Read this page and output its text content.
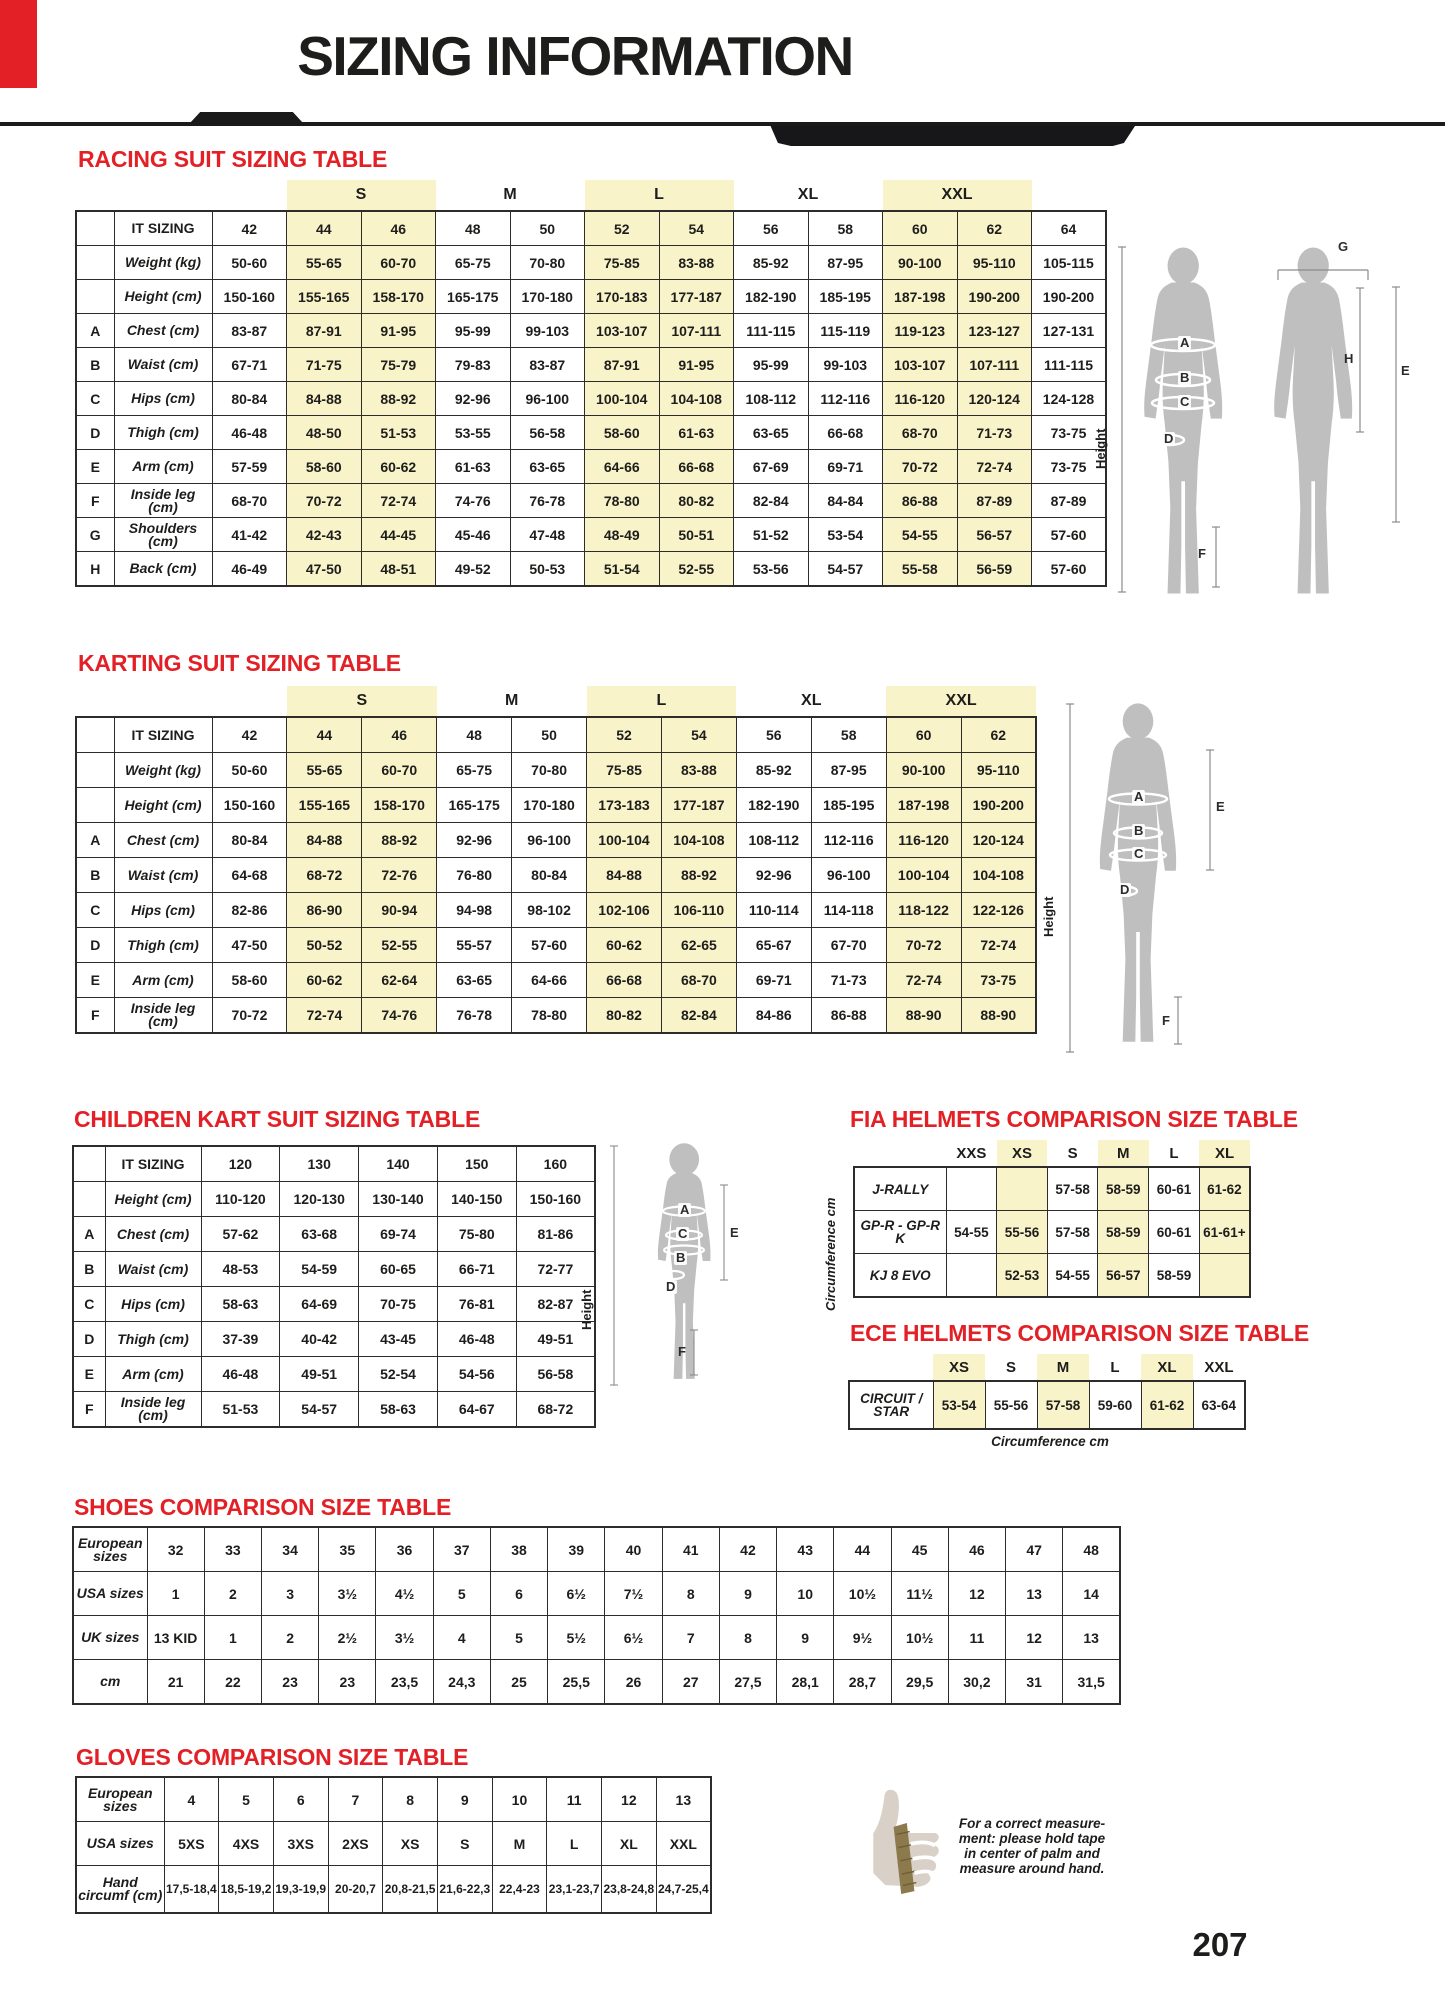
SIZING INFORMATION
RACING SUIT SIZING TABLE
KARTING SUIT SIZING TABLE
CHILDREN KART SUIT SIZING TABLE	FIA HELMETS COMPARISON SIZE TABLE
ECE HELMETS COMPARISON SIZE TABLE
SHOES COMPARISON SIZE TABLE
GLOVES COMPARISON SIZE TABLE
			S		M		L		XL		XXL		
	IT SIZING	42	44	46	48	50	52	54	56	58	60	62	64
	Weight (kg)	50-60	55-65	60-70	65-75	70-80	75-85	83-88	85-92	87-95	90-100	95-110	105-115
	Height (cm)	150-160	155-165	158-170	165-175	170-180	170-183	177-187	182-190	185-195	187-198	190-200	190-200
A	Chest (cm)	83-87	87-91	91-95	95-99	99-103	103-107	107-111	111-115	115-119	119-123	123-127	127-131
B	Waist (cm)	67-71	71-75	75-79	79-83	83-87	87-91	91-95	95-99	99-103	103-107	107-111	111-115
C	Hips (cm)	80-84	84-88	88-92	92-96	96-100	100-104	104-108	108-112	112-116	116-120	120-124	124-128
D	Thigh (cm)	46-48	48-50	51-53	53-55	56-58	58-60	61-63	63-65	66-68	68-70	71-73	73-75
E	Arm (cm)	57-59	58-60	60-62	61-63	63-65	64-66	66-68	67-69	69-71	70-72	72-74	73-75
F	Inside leg (cm)	68-70	70-72	72-74	74-76	76-78	78-80	80-82	82-84	84-84	86-88	87-89	87-89
G	Shoulders (cm)	41-42	42-43	44-45	45-46	47-48	48-49	50-51	51-52	53-54	54-55	56-57	57-60
H	Back (cm)	46-49	47-50	48-51	49-52	50-53	51-54	52-55	53-56	54-57	55-58	56-59	57-60
			S		M		L		XL		XXL	
	IT SIZING	42	44	46	48	50	52	54	56	58	60	62
	Weight (kg)	50-60	55-65	60-70	65-75	70-80	75-85	83-88	85-92	87-95	90-100	95-110
	Height (cm)	150-160	155-165	158-170	165-175	170-180	173-183	177-187	182-190	185-195	187-198	190-200
A	Chest (cm)	80-84	84-88	88-92	92-96	96-100	100-104	104-108	108-112	112-116	116-120	120-124
B	Waist (cm)	64-68	68-72	72-76	76-80	80-84	84-88	88-92	92-96	96-100	100-104	104-108
C	Hips (cm)	82-86	86-90	90-94	94-98	98-102	102-106	106-110	110-114	114-118	118-122	122-126
D	Thigh (cm)	47-50	50-52	52-55	55-57	57-60	60-62	62-65	65-67	67-70	70-72	72-74
E	Arm (cm)	58-60	60-62	62-64	63-65	64-66	66-68	68-70	69-71	71-73	72-74	73-75
F	Inside leg (cm)	70-72	72-74	74-76	76-78	78-80	80-82	82-84	84-86	86-88	88-90	88-90
	IT SIZING	120	130	140	150	160
	Height (cm)	110-120	120-130	130-140	140-150	150-160
A	Chest (cm)	57-62	63-68	69-74	75-80	81-86
B	Waist (cm)	48-53	54-59	60-65	66-71	72-77
C	Hips (cm)	58-63	64-69	70-75	76-81	82-87
D	Thigh (cm)	37-39	40-42	43-45	46-48	49-51
E	Arm (cm)	46-48	49-51	52-54	54-56	56-58
F	Inside leg (cm)	51-53	54-57	58-63	64-67	68-72
	XXS	XS	S	M	L	XL
J-RALLY			57-58	58-59	60-61	61-62
GP-R - GP-R K	54-55	55-56	57-58	58-59	60-61	61-61+
KJ 8 EVO		52-53	54-55	56-57	58-59	
	XS	S	M	L	XL	XXL
CIRCUIT / STAR	53-54	55-56	57-58	59-60	61-62	63-64
European sizes	32	33	34	35	36	37	38	39	40	41	42	43	44	45	46	47	48
USA sizes	1	2	3	3½	4½	5	6	6½	7½	8	9	10	10½	11½	12	13	14
UK sizes	13 KID	1	2	2½	3½	4	5	5½	6½	7	8	9	9½	10½	11	12	13
cm	21	22	23	23	23,5	24,3	25	25,5	26	27	27,5	28,1	28,7	29,5	30,2	31	31,5
European sizes	4	5	6	7	8	9	10	11	12	13
USA sizes	5XS	4XS	3XS	2XS	XS	S	M	L	XL	XXL
Hand circumf (cm)	17,5-18,4	18,5-19,2	19,3-19,9	20-20,7	20,8-21,5	21,6-22,3	22,4-23	23,1-23,7	23,8-24,8	24,7-25,4
Circumference cm
Circumference cm
Height
G
H
E
F
A
B
C
D
Height
A
B
C
D
E
F
Height
A
C
B
D
E
F
For a correct measure-
ment: please hold tape
in center of palm and
measure around hand.
207
